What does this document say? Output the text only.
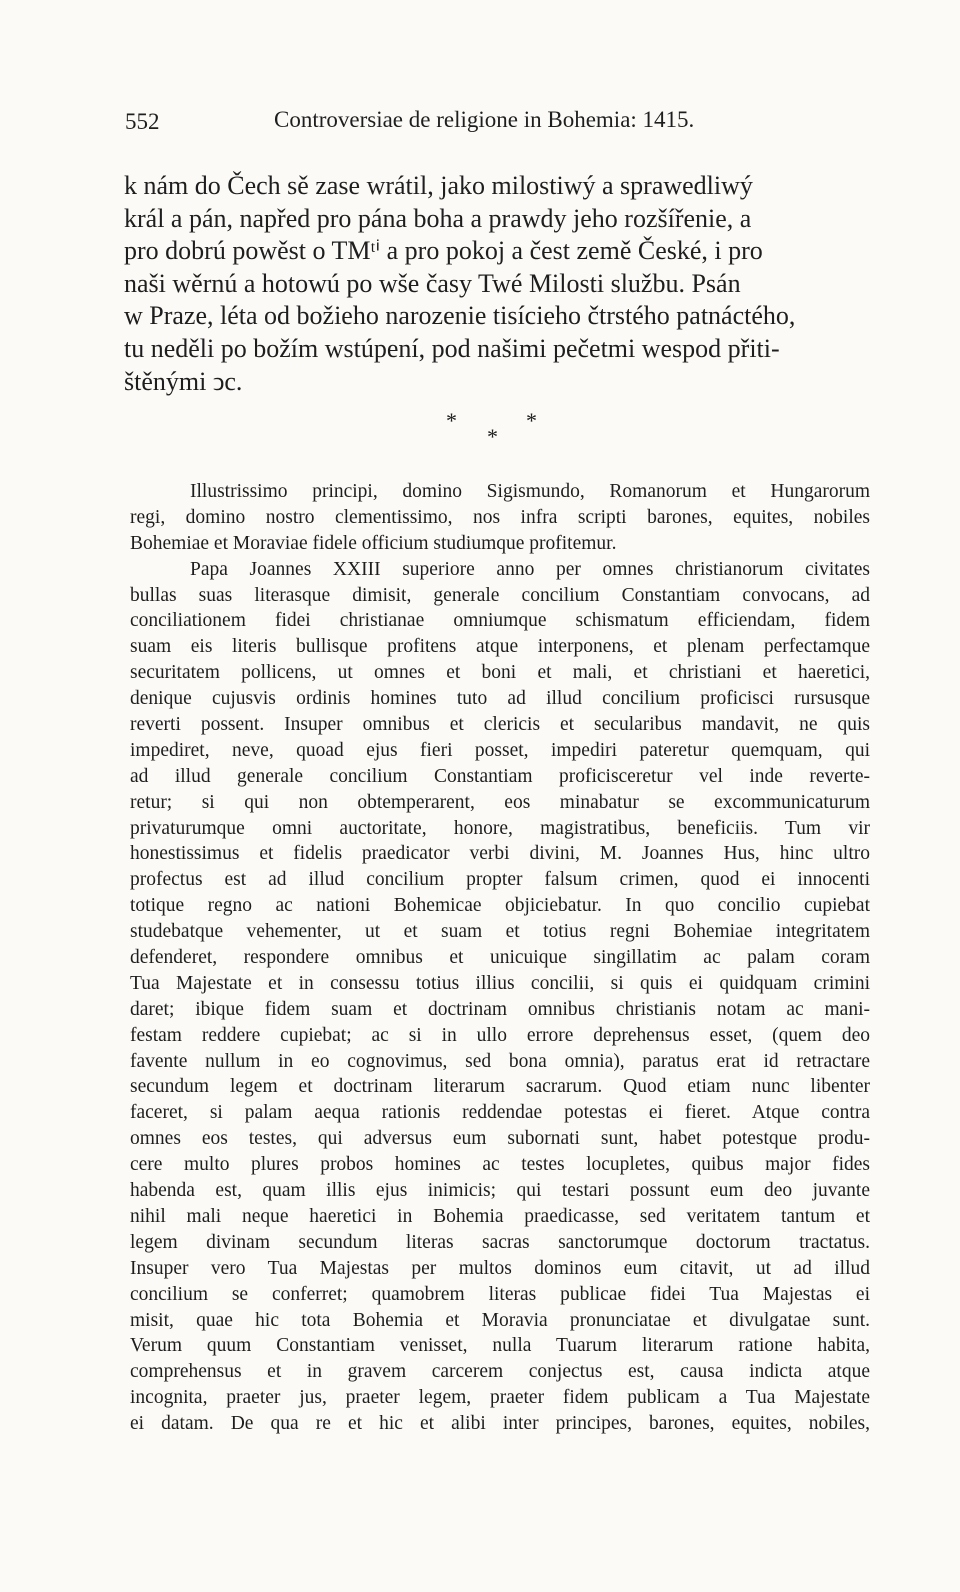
552	Controversiae de religione in Bohemia: 1415.
k nám do Čech sě zase wrátil, jako milostiwý a sprawedliwý
král a pán, napřed pro pána boha a prawdy jeho rozšířenie, a
pro dobrú powěst o TMᵗⁱ a pro pokoj a čest země České, i pro
naši wěrnú a hotowú po wše časy Twé Milosti službu. Psán
w Praze, léta od božieho narozenie tisícieho čtrstého patnáctého,
tu neděli po božím wstúpení, pod našimi pečetmi wespod přiti-
štěnými ↄc.
*
*
*
Illustrissimo principi, domino Sigismundo, Romanorum et Hungarorum
regi, domino nostro clementissimo, nos infra scripti barones, equites, nobiles
Bohemiae et Moraviae fidele officium studiumque profitemur.
Papa Joannes XXIII superiore anno per omnes christianorum civitates
bullas suas literasque dimisit, generale concilium Constantiam convocans, ad
conciliationem fidei christianae omniumque schismatum efficiendam, fidem
suam eis literis bullisque profitens atque interponens, et plenam perfectamque
securitatem pollicens, ut omnes et boni et mali, et christiani et haeretici,
denique cujusvis ordinis homines tuto ad illud concilium proficisci rursusque
reverti possent. Insuper omnibus et clericis et secularibus mandavit, ne quis
impediret, neve, quoad ejus fieri posset, impediri pateretur quemquam, qui
ad illud generale concilium Constantiam proficisceretur vel inde reverte-
retur; si qui non obtemperarent, eos minabatur se excommunicaturum
privaturumque omni auctoritate, honore, magistratibus, beneficiis. Tum vir
honestissimus et fidelis praedicator verbi divini, M. Joannes Hus, hinc ultro
profectus est ad illud concilium propter falsum crimen, quod ei innocenti
totique regno ac nationi Bohemicae objiciebatur. In quo concilio cupiebat
studebatque vehementer, ut et suam et totius regni Bohemiae integritatem
defenderet, respondere omnibus et unicuique singillatim ac palam coram
Tua Majestate et in consessu totius illius concilii, si quis ei quidquam crimini
daret; ibique fidem suam et doctrinam omnibus christianis notam ac mani-
festam reddere cupiebat; ac si in ullo errore deprehensus esset, (quem deo
favente nullum in eo cognovimus, sed bona omnia), paratus erat id retractare
secundum legem et doctrinam literarum sacrarum. Quod etiam nunc libenter
faceret, si palam aequa rationis reddendae potestas ei fieret. Atque contra
omnes eos testes, qui adversus eum subornati sunt, habet potestque produ-
cere multo plures probos homines ac testes locupletes, quibus major fides
habenda est, quam illis ejus inimicis; qui testari possunt eum deo juvante
nihil mali neque haeretici in Bohemia praedicasse, sed veritatem tantum et
legem divinam secundum literas sacras sanctorumque doctorum tractatus.
Insuper vero Tua Majestas per multos dominos eum citavit, ut ad illud
concilium se conferret; quamobrem literas publicae fidei Tua Majestas ei
misit, quae hic tota Bohemia et Moravia pronunciatae et divulgatae sunt.
Verum quum Constantiam venisset, nulla Tuarum literarum ratione habita,
comprehensus et in gravem carcerem conjectus est, causa indicta atque
incognita, praeter jus, praeter legem, praeter fidem publicam a Tua Majestate
ei datam. De qua re et hic et alibi inter principes, barones, equites, nobiles,
